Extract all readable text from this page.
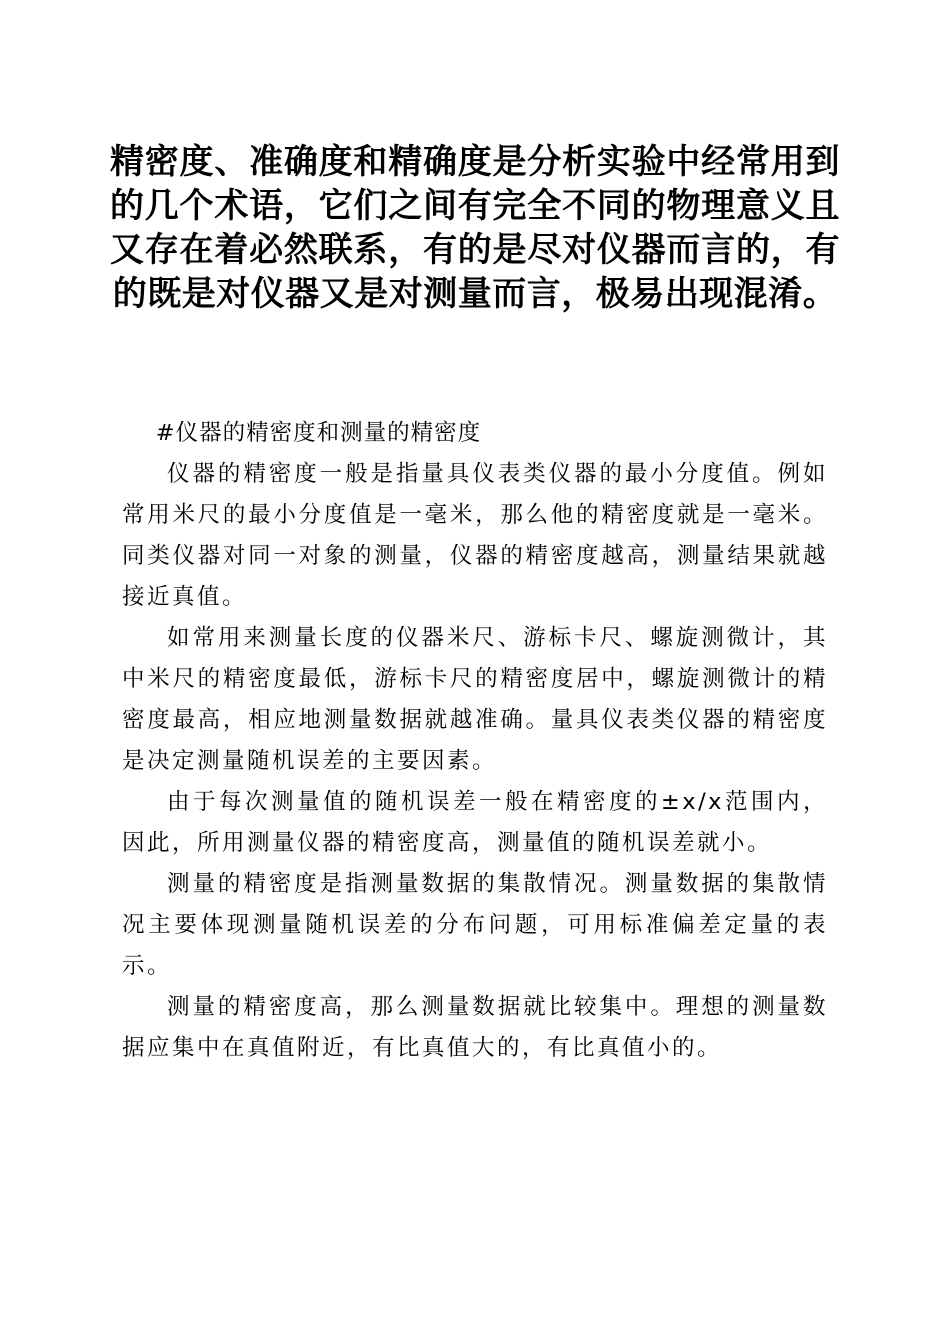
精密度、准确度和精确度是分析实验中经常用到的几个术语，它们之间有完全不同的物理意义且又存在着必然联系，有的是尽对仪器而言的，有的既是对仪器又是对测量而言，极易出现混淆。

#仪器的精密度和测量的精密度

仪器的精密度一般是指量具仪表类仪器的最小分度值。例如常用米尺的最小分度值是一毫米，那么他的精密度就是一毫米。同类仪器对同一对象的测量，仪器的精密度越高，测量结果就越接近真值。

如常用来测量长度的仪器米尺、游标卡尺、螺旋测微计，其中米尺的精密度最低，游标卡尺的精密度居中，螺旋测微计的精密度最高，相应地测量数据就越准确。量具仪表类仪器的精密度是决定测量随机误差的主要因素。

由于每次测量值的随机误差一般在精密度的±x/x范围内，因此，所用测量仪器的精密度高，测量值的随机误差就小。

测量的精密度是指测量数据的集散情况。测量数据的集散情况主要体现测量随机误差的分布问题，可用标准偏差定量的表示。

测量的精密度高，那么测量数据就比较集中。理想的测量数据应集中在真值附近，有比真值大的，有比真值小的。
